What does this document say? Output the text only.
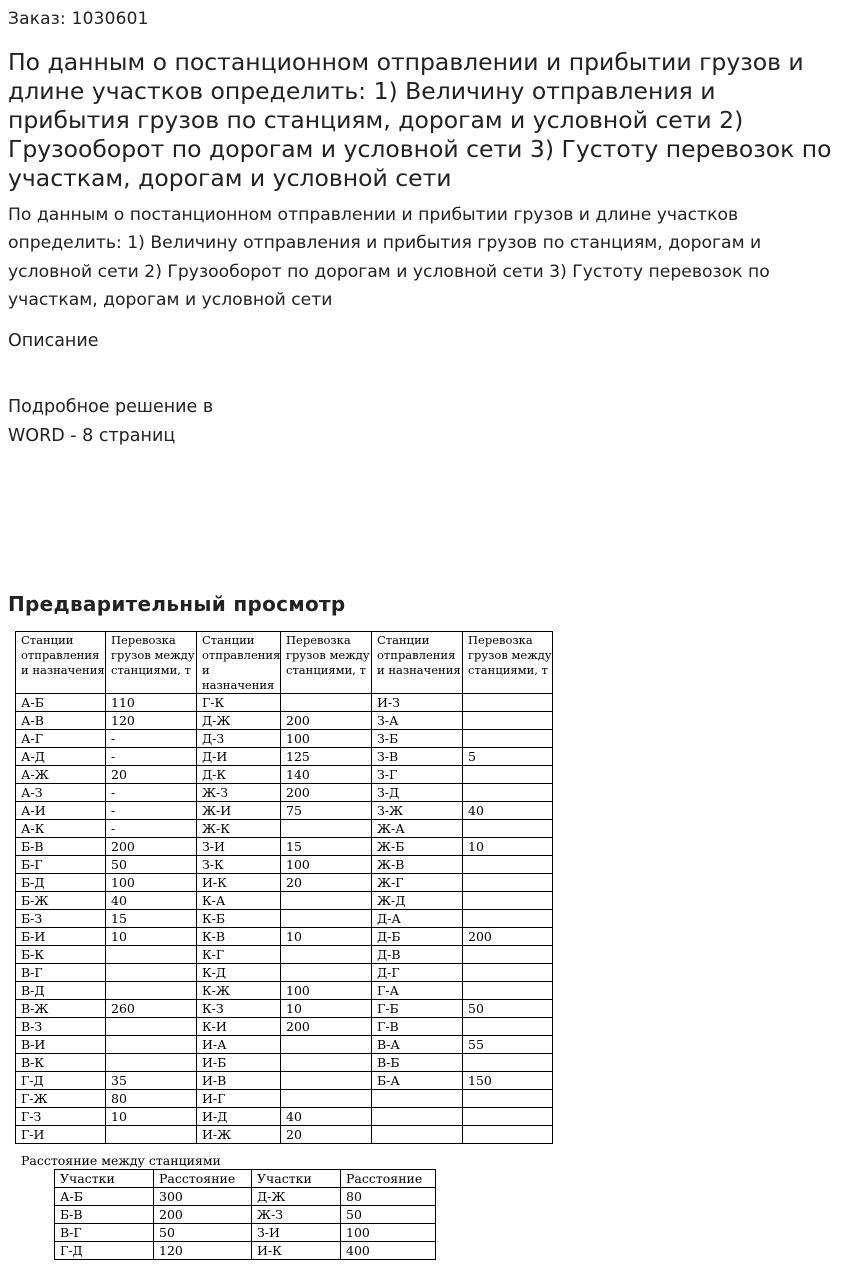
Заказ: 1030601
По данным о постанционном отправлении и прибытии грузов и длине участков определить: 1) Величину отправления и прибытия грузов по станциям, дорогам и условной сети 2) Грузооборот по дорогам и условной сети 3) Густоту перевозок по участкам, дорогам и условной сети
По данным о постанционном отправлении и прибытии грузов и длине участков определить: 1) Величину отправления и прибытия грузов по станциям, дорогам и условной сети 2) Грузооборот по дорогам и условной сети 3) Густоту перевозок по участкам, дорогам и условной сети
Описание
Подробное решение в
WORD - 8 страниц
Предварительный просмотр
Станции отправления и назначения	Перевозка грузов между станциями, т	Станции отправления и назначения	Перевозка грузов между станциями, т	Станции отправления и назначения	Перевозка грузов между станциями, т
А-Б	110	Г-К		И-З	
А-В	120	Д-Ж	200	З-А	
А-Г	-	Д-З	100	З-Б	
А-Д	-	Д-И	125	З-В	5
А-Ж	20	Д-К	140	З-Г	
А-З	-	Ж-З	200	З-Д	
А-И	-	Ж-И	75	З-Ж	40
А-К	-	Ж-К		Ж-А	
Б-В	200	З-И	15	Ж-Б	10
Б-Г	50	З-К	100	Ж-В	
Б-Д	100	И-К	20	Ж-Г	
Б-Ж	40	К-А		Ж-Д	
Б-З	15	К-Б		Д-А	
Б-И	10	К-В	10	Д-Б	200
Б-К		К-Г		Д-В	
В-Г		К-Д		Д-Г	
В-Д		К-Ж	100	Г-А	
В-Ж	260	К-З	10	Г-Б	50
В-З		К-И	200	Г-В	
В-И		И-А		В-А	55
В-К		И-Б		В-Б	
Г-Д	35	И-В		Б-А	150
Г-Ж	80	И-Г			
Г-З	10	И-Д	40		
Г-И		И-Ж	20		
Расстояние между станциями
Участки	Расстояние	Участки	Расстояние
А-Б	300	Д-Ж	80
Б-В	200	Ж-З	50
В-Г	50	З-И	100
Г-Д	120	И-К	400
